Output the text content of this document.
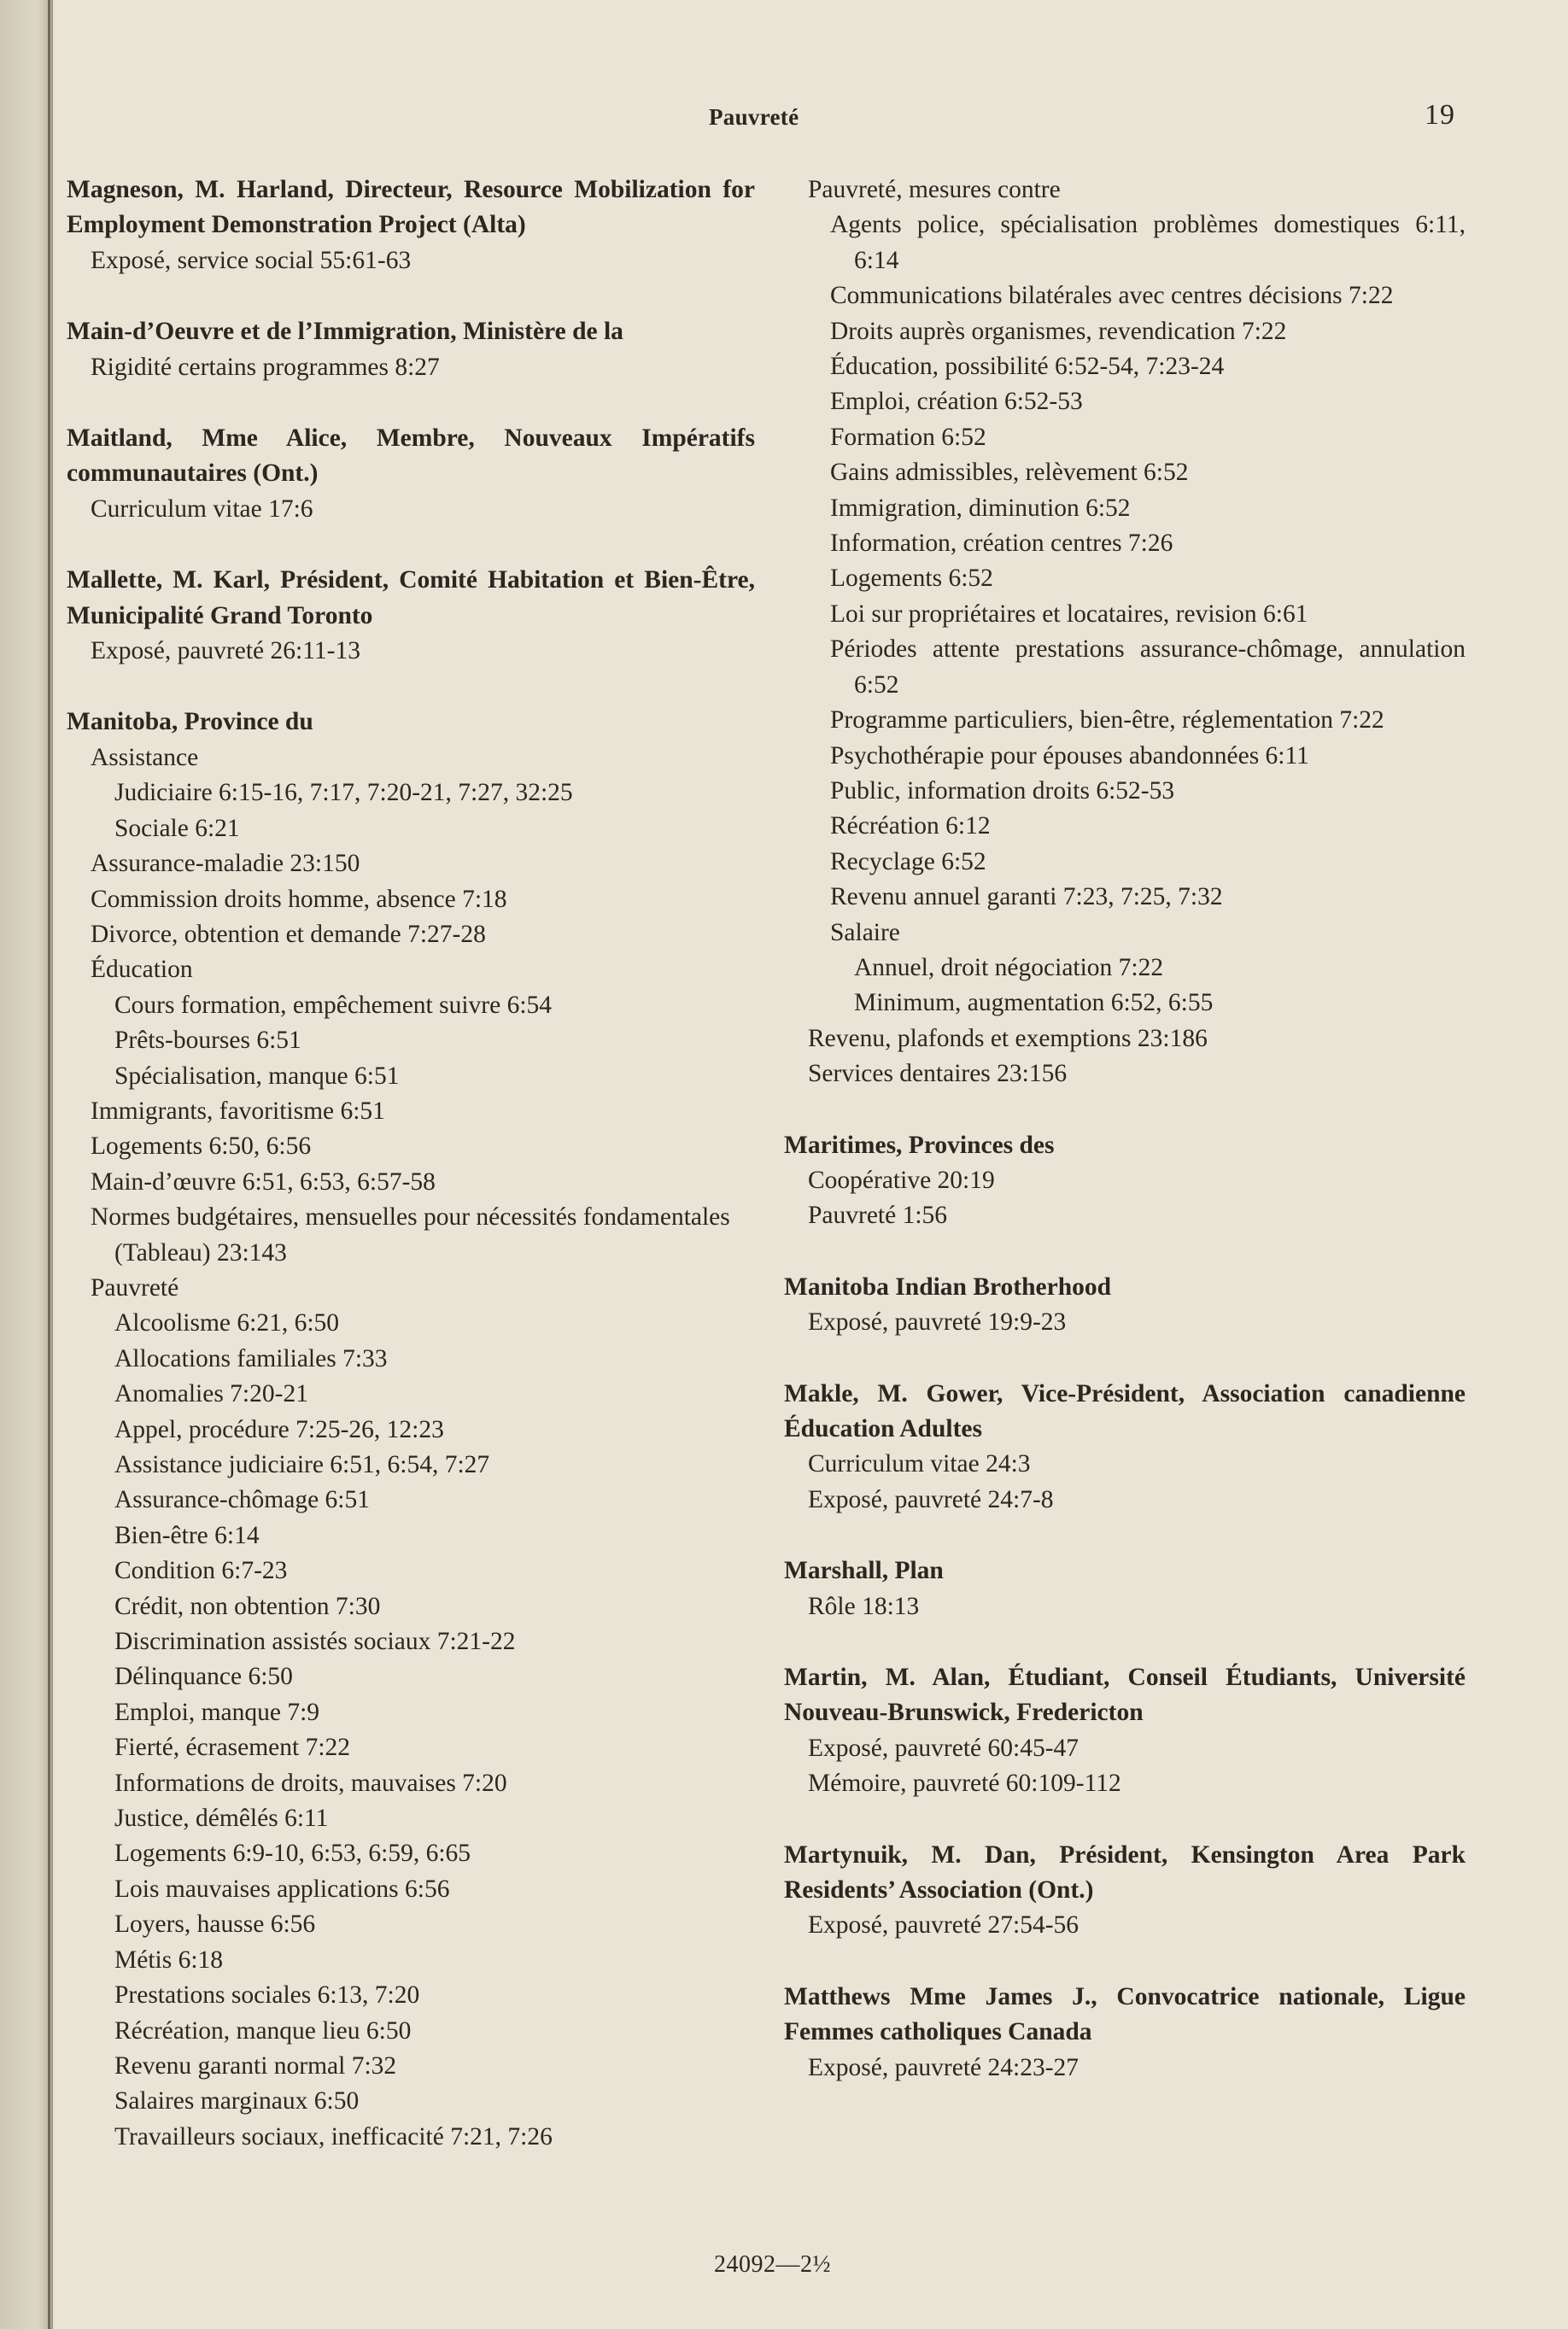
Pauvreté	19
Magneson, M. Harland, Directeur, Resource Mobilization for Employment Demonstration Project (Alta)
Exposé, service social 55:61-63
Main-d’Oeuvre et de l’Immigration, Ministère de la
Rigidité certains programmes 8:27
Maitland, Mme Alice, Membre, Nouveaux Impératifs communautaires (Ont.)
Curriculum vitae 17:6
Mallette, M. Karl, Président, Comité Habitation et Bien-Être, Municipalité Grand Toronto
Exposé, pauvreté 26:11-13
Manitoba, Province du
Assistance
Judiciaire 6:15-16, 7:17, 7:20-21, 7:27, 32:25
Sociale 6:21
Assurance-maladie 23:150
Commission droits homme, absence 7:18
Divorce, obtention et demande 7:27-28
Éducation
Cours formation, empêchement suivre 6:54
Prêts-bourses 6:51
Spécialisation, manque 6:51
Immigrants, favoritisme 6:51
Logements 6:50, 6:56
Main-d’œuvre 6:51, 6:53, 6:57-58
Normes budgétaires, mensuelles pour nécessités fondamentales (Tableau) 23:143
Pauvreté
Alcoolisme 6:21, 6:50
Allocations familiales 7:33
Anomalies 7:20-21
Appel, procédure 7:25-26, 12:23
Assistance judiciaire 6:51, 6:54, 7:27
Assurance-chômage 6:51
Bien-être 6:14
Condition 6:7-23
Crédit, non obtention 7:30
Discrimination assistés sociaux 7:21-22
Délinquance 6:50
Emploi, manque 7:9
Fierté, écrasement 7:22
Informations de droits, mauvaises 7:20
Justice, démêlés 6:11
Logements 6:9-10, 6:53, 6:59, 6:65
Lois mauvaises applications 6:56
Loyers, hausse 6:56
Métis 6:18
Prestations sociales 6:13, 7:20
Récréation, manque lieu 6:50
Revenu garanti normal 7:32
Salaires marginaux 6:50
Travailleurs sociaux, inefficacité 7:21, 7:26
Pauvreté, mesures contre
Agents police, spécialisation problèmes domestiques 6:11, 6:14
Communications bilatérales avec centres décisions 7:22
Droits auprès organismes, revendication 7:22
Éducation, possibilité 6:52-54, 7:23-24
Emploi, création 6:52-53
Formation 6:52
Gains admissibles, relèvement 6:52
Immigration, diminution 6:52
Information, création centres 7:26
Logements 6:52
Loi sur propriétaires et locataires, revision 6:61
Périodes attente prestations assurance-chômage, annulation 6:52
Programme particuliers, bien-être, réglementation 7:22
Psychothérapie pour épouses abandonnées 6:11
Public, information droits 6:52-53
Récréation 6:12
Recyclage 6:52
Revenu annuel garanti 7:23, 7:25, 7:32
Salaire
Annuel, droit négociation 7:22
Minimum, augmentation 6:52, 6:55
Revenu, plafonds et exemptions 23:186
Services dentaires 23:156
Maritimes, Provinces des
Coopérative 20:19
Pauvreté 1:56
Manitoba Indian Brotherhood
Exposé, pauvreté 19:9-23
Makle, M. Gower, Vice-Président, Association canadienne Éducation Adultes
Curriculum vitae 24:3
Exposé, pauvreté 24:7-8
Marshall, Plan
Rôle 18:13
Martin, M. Alan, Étudiant, Conseil Étudiants, Université Nouveau-Brunswick, Fredericton
Exposé, pauvreté 60:45-47
Mémoire, pauvreté 60:109-112
Martynuik, M. Dan, Président, Kensington Area Park Residents’ Association (Ont.)
Exposé, pauvreté 27:54-56
Matthews Mme James J., Convocatrice nationale, Ligue Femmes catholiques Canada
Exposé, pauvreté 24:23-27
24092—2½
